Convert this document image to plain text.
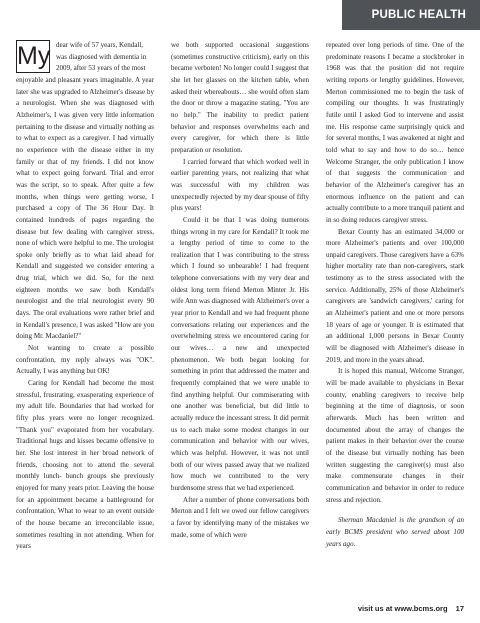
PUBLIC HEALTH
My dear wife of 57 years, Kendall,

was diagnosed with dementia in

2009, after 53 years of the most

enjoyable and pleasant years imaginable. A year later she was upgraded to Alzheimer's disease by a neurologist. When she was diagnosed with Alzheimer's, I was given very little information pertaining to the disease and virtually nothing as to what to expect as a caregiver. I had virtually no experience with the disease either in my family or that of my friends. I did not know what to expect going forward. Trial and error was the script, so to speak. After quite a few months, when things were getting worse, I purchased a copy of The 36 Hour Day. It contained hundreds of pages regarding the disease but few dealing with caregiver stress, none of which were helpful to me. The urologist spoke only briefly as to what laid ahead for Kendall and suggested we consider entering a drug trial, which we did. So, for the next eighteen months we saw both Kendall's neurologist and the trial neurologist every 90 days. The oral evaluations were rather brief and in Kendall's presence, I was asked "How are you doing Mr. Macdaniel?"

Not wanting to create a possible confrontation, my reply always was "OK". Actually, I was anything but OK!

Caring for Kendall had become the most stressful, frustrating, exasperating experience of my adult life. Boundaries that had worked for fifty plus years were no longer recognized. "Thank you" evaporated from her vocabulary. Traditional hugs and kisses became offensive to her. She lost interest in her broad network of friends, choosing not to attend the several monthly lunch- bunch groups she previously enjoyed for many years prior. Leaving the house for an appointment became a battleground for confrontation. What to wear to an event outside of the house became an irreconcilable issue, sometimes resulting in not attending. When for years

we both supported occasional suggestions (sometimes constructive criticism), early on this became verboten! No longer could I suggest that she let her glasses on the kitchen table, when asked their whereabouts… she would often slam the door or throw a magazine stating, "You are no help." The inability to predict patient behavior and responses overwhelms each and every caregiver, for which there is little preparation or resolution.

I carried forward that which worked well in earlier parenting years, not realizing that what was successful with my children was unexpectedly rejected by my dear spouse of fifty plus years!

Could it be that I was doing numerous things wrong in my care for Kendall? It took me a lengthy period of time to come to the realization that I was contributing to the stress which I found so unbearable! I had frequent telephone conversations with my very dear and oldest long term friend Merton Minter Jr. His wife Ann was diagnosed with Alzheimer's over a year prior to Kendall and we had frequent phone conversations relating our experiences and the overwhelming stress we encountered caring for our wives… a new and unexpected phenomenon. We both began looking for something in print that addressed the matter and frequently complained that we were unable to find anything helpful. Our commiserating with one another was beneficial, but did little to actually reduce the incessant stress. It did permit us to each make some modest changes in our communication and behavior with our wives, which was helpful. However, it was not until both of our wives passed away that we realized how much we contributed to the very burdensome stress that we had experienced.

After a number of phone conversations both Merton and I felt we owed our fellow caregivers a favor by identifying many of the mistakes we made, some of which were

repeated over long periods of time. One of the predominate reasons I became a stockbroker in 1968 was that the position did not require writing reports or lengthy guidelines. However, Merton commissioned me to begin the task of compiling our thoughts. It was frustratingly futile until I asked God to intervene and assist me. His response came surprisingly quick and for several months, I was awakened at night and told what to say and how to do so… hence Welcome Stranger, the only publication I know of that suggests the communication and behavior of the Alzheimer's caregiver has an enormous influence on the patient and can actually contribute to a more tranquil patient and in so doing reduces caregiver stress.

Bexar County has an estimated 34,000 or more Alzheimer's patients and over 100,000 unpaid caregivers. Those caregivers have a 63% higher mortality rate than non-caregivers, stark testimony as to the stress associated with the service. Additionally, 25% of those Alzheimer's caregivers are 'sandwich caregivers,' caring for an Alzheimer's patient and one or more persons 18 years of age or younger. It is estimated that an additional 1,000 persons in Bexar County will be diagnosed with Alzheimer's disease in 2019, and more in the years ahead.

It is hoped this manual, Welcome Stranger, will be made available to physicians in Bexar county, enabling caregivers to receive help beginning at the time of diagnosis, or soon afterwards. Much has been written and documented about the array of changes the patient makes in their behavior over the course of the disease but virtually nothing has been written suggesting the caregiver(s) must also make commensurate changes in their communication and behavior in order to reduce stress and rejection.

Sherman Macdaniel is the grandson of an early BCMS president who served about 100 years ago.

visit us at www.bcms.org 17
